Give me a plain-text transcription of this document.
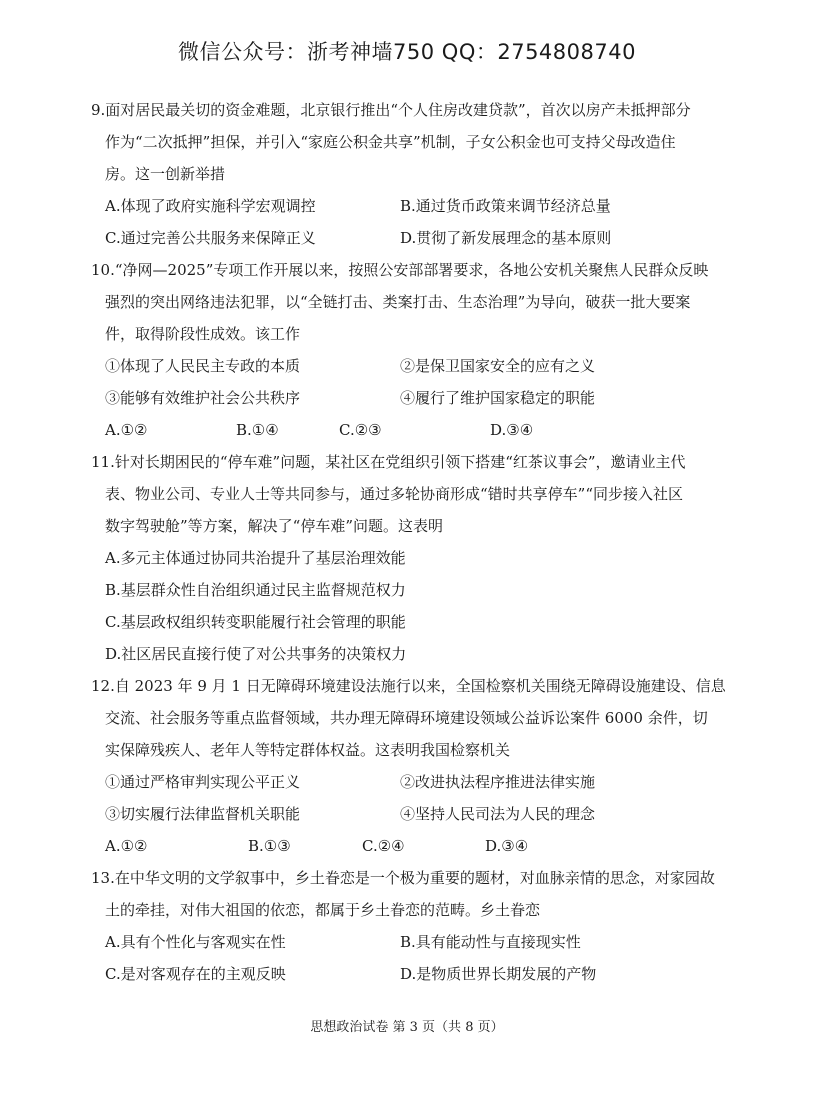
微信公众号：浙考神墙750 QQ：2754808740
9.面对居民最关切的资金难题，北京银行推出“个人住房改建贷款”，首次以房产未抵押部分
作为“二次抵押”担保，并引入“家庭公积金共享”机制，子女公积金也可支持父母改造住
房。这一创新举措
A.体现了政府实施科学宏观调控	B.通过货币政策来调节经济总量
C.通过完善公共服务来保障正义	D.贯彻了新发展理念的基本原则
10.“净网—2025”专项工作开展以来，按照公安部部署要求，各地公安机关聚焦人民群众反映
强烈的突出网络违法犯罪，以“全链打击、类案打击、生态治理”为导向，破获一批大要案
件，取得阶段性成效。该工作
①体现了人民民主专政的本质	②是保卫国家安全的应有之义
③能够有效维护社会公共秩序	④履行了维护国家稳定的职能
A.①②	B.①④	C.②③	D.③④
11.针对长期困民的“停车难”问题，某社区在党组织引领下搭建“红茶议事会”，邀请业主代
表、物业公司、专业人士等共同参与，通过多轮协商形成“错时共享停车”“同步接入社区
数字驾驶舱”等方案，解决了“停车难”问题。这表明
A.多元主体通过协同共治提升了基层治理效能
B.基层群众性自治组织通过民主监督规范权力
C.基层政权组织转变职能履行社会管理的职能
D.社区居民直接行使了对公共事务的决策权力
12.自 2023 年 9 月 1 日无障碍环境建设法施行以来，全国检察机关围绕无障碍设施建设、信息
交流、社会服务等重点监督领域，共办理无障碍环境建设领域公益诉讼案件 6000 余件，切
实保障残疾人、老年人等特定群体权益。这表明我国检察机关
①通过严格审判实现公平正义	②改进执法程序推进法律实施
③切实履行法律监督机关职能	④坚持人民司法为人民的理念
A.①②	B.①③	C.②④	D.③④
13.在中华文明的文学叙事中，乡土眷恋是一个极为重要的题材，对血脉亲情的思念，对家园故
土的牵挂，对伟大祖国的依恋，都属于乡土眷恋的范畴。乡土眷恋
A.具有个性化与客观实在性	B.具有能动性与直接现实性
C.是对客观存在的主观反映	D.是物质世界长期发展的产物
思想政治试卷 第 3 页（共 8 页）
